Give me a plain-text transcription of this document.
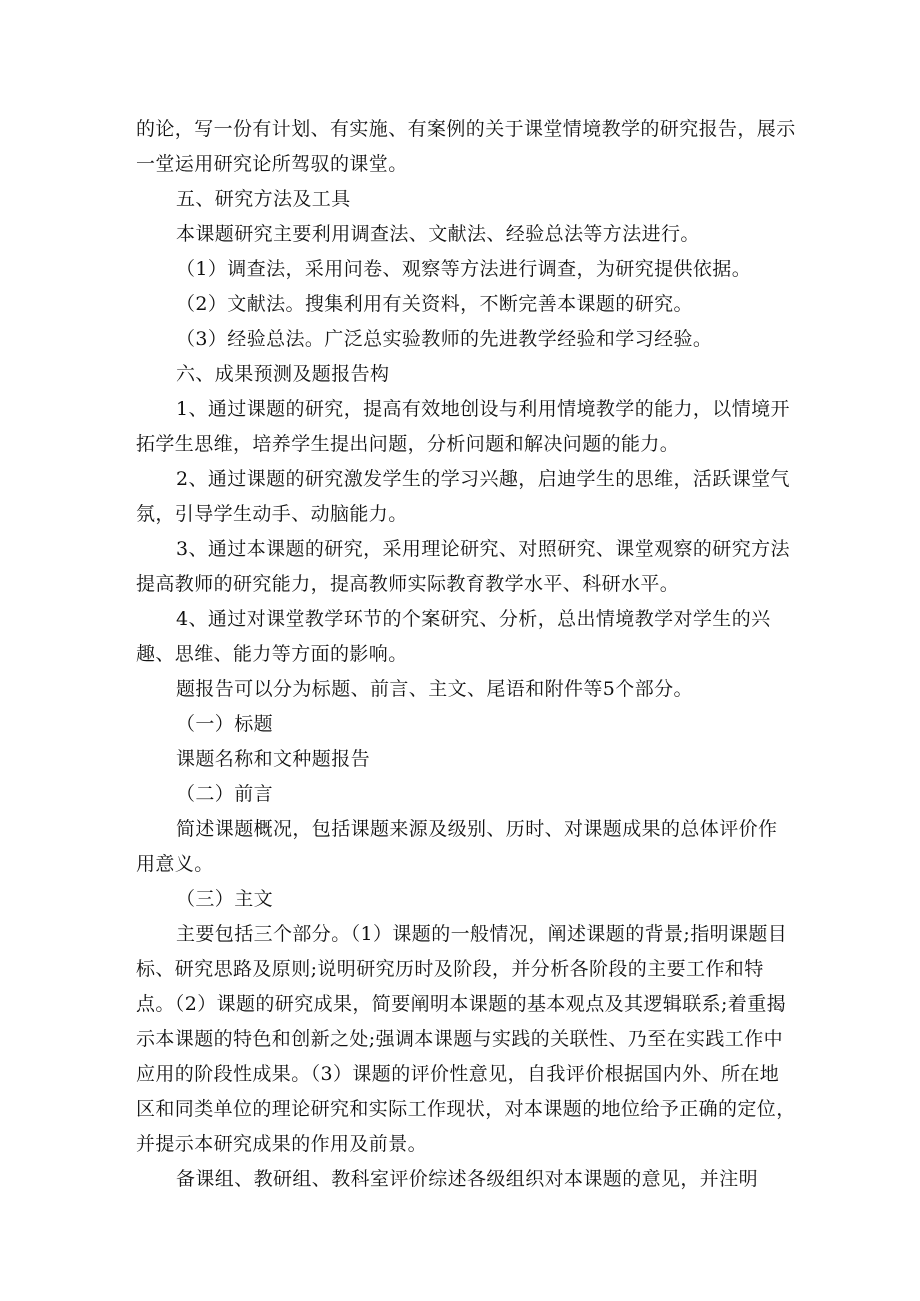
的论，写一份有计划、有实施、有案例的关于课堂情境教学的研究报告，展示一堂运用研究论所驾驭的课堂。

五、研究方法及工具

本课题研究主要利用调查法、文献法、经验总法等方法进行。

（1）调查法，采用问卷、观察等方法进行调查，为研究提供依据。

（2）文献法。搜集利用有关资料，不断完善本课题的研究。

（3）经验总法。广泛总实验教师的先进教学经验和学习经验。

六、成果预测及题报告构

1、通过课题的研究，提高有效地创设与利用情境教学的能力，以情境开拓学生思维，培养学生提出问题，分析问题和解决问题的能力。

2、通过课题的研究激发学生的学习兴趣，启迪学生的思维，活跃课堂气氛，引导学生动手、动脑能力。

3、通过本课题的研究，采用理论研究、对照研究、课堂观察的研究方法提高教师的研究能力，提高教师实际教育教学水平、科研水平。

4、通过对课堂教学环节的个案研究、分析，总出情境教学对学生的兴趣、思维、能力等方面的影响。

题报告可以分为标题、前言、主文、尾语和附件等5个部分。

（一）标题

课题名称和文种题报告

（二）前言

简述课题概况，包括课题来源及级别、历时、对课题成果的总体评价作用意义。

（三）主文

主要包括三个部分。（1）课题的一般情况，阐述课题的背景;指明课题目标、研究思路及原则;说明研究历时及阶段，并分析各阶段的主要工作和特点。（2）课题的研究成果，简要阐明本课题的基本观点及其逻辑联系;着重揭示本课题的特色和创新之处;强调本课题与实践的关联性、乃至在实践工作中应用的阶段性成果。（3）课题的评价性意见，自我评价根据国内外、所在地区和同类单位的理论研究和实际工作现状，对本课题的地位给予正确的定位，并提示本研究成果的作用及前景。

备课组、教研组、教科室评价综述各级组织对本课题的意见，并注明
